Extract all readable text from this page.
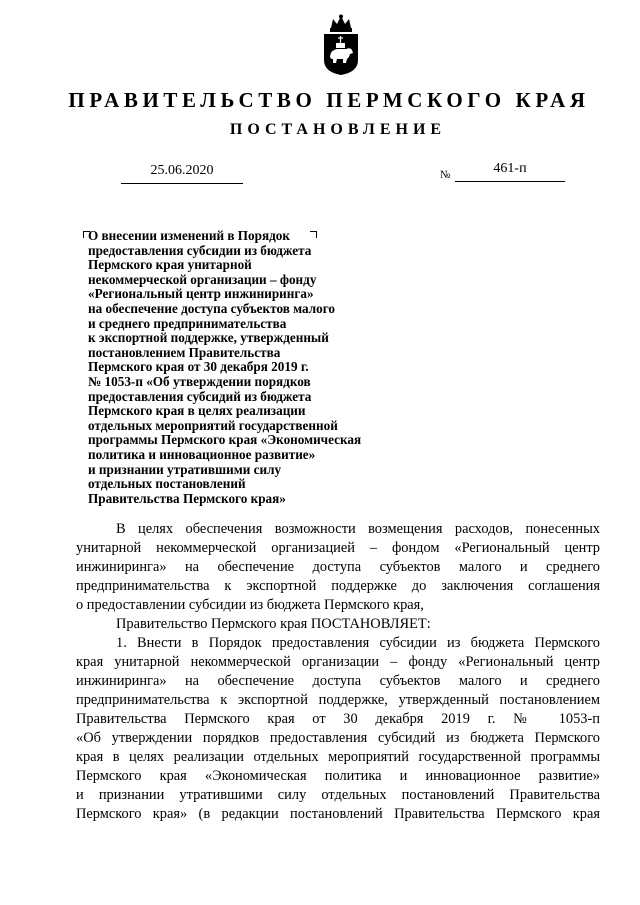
ПРАВИТЕЛЬСТВО ПЕРМСКОГО КРАЯ
ПОСТАНОВЛЕНИЕ
25.06.2020	№	461-п
О внесении изменений в Порядок
предоставления субсидии из бюджета
Пермского края унитарной
некоммерческой организации – фонду
«Региональный центр инжиниринга»
на обеспечение доступа субъектов малого
и среднего предпринимательства
к экспортной поддержке, утвержденный
постановлением Правительства
Пермского края от 30 декабря 2019 г.
№ 1053-п «Об утверждении порядков
предоставления субсидий из бюджета
Пермского края в целях реализации
отдельных мероприятий государственной
программы Пермского края «Экономическая
политика и инновационное развитие»
и признании утратившими силу
отдельных постановлений
Правительства Пермского края»
В целях обеспечения возможности возмещения расходов, понесенных
унитарной некоммерческой организацией – фондом «Региональный центр
инжиниринга» на обеспечение доступа субъектов малого и среднего
предпринимательства к экспортной поддержке до заключения соглашения
о предоставлении субсидии из бюджета Пермского края,
Правительство Пермского края ПОСТАНОВЛЯЕТ:
1. Внести в Порядок предоставления субсидии из бюджета Пермского
края унитарной некоммерческой организации – фонду «Региональный центр
инжиниринга» на обеспечение доступа субъектов малого и среднего
предпринимательства к экспортной поддержке, утвержденный постановлением
Правительства Пермского края от 30 декабря 2019 г. № 1053-п
«Об утверждении порядков предоставления субсидий из бюджета Пермского
края в целях реализации отдельных мероприятий государственной программы
Пермского края «Экономическая политика и инновационное развитие»
и признании утратившими силу отдельных постановлений Правительства
Пермского края» (в редакции постановлений Правительства Пермского края
